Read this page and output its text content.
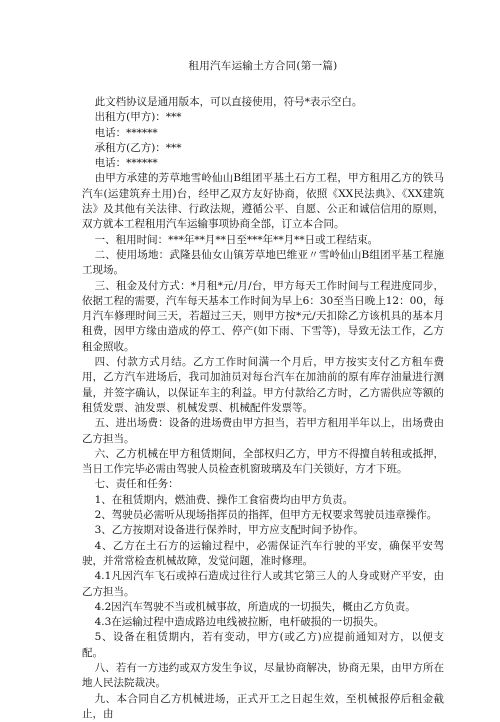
租用汽车运输土方合同(第一篇)

此文档协议是通用版本，可以直接使用，符号*表示空白。

出租方(甲方)：***

电话：******

承租方(乙方)：***

电话：******

由甲方承建的芳草地雪岭仙山B组团平基土石方工程，甲方租用乙方的铁马汽车(运建筑弃土用)台，经甲乙双方友好协商，依照《XX民法典》、《XX建筑法》及其他有关法律、行政法规，遵循公平、自愿、公正和诚信信用的原则，双方就本工程租用汽车运输事项协商全部，订立本合同。

一、租用时间：***年**月**日至***年**月**日或工程结束。

二、使用场地：武隆县仙女山镇芳草地巴维亚〃雪岭仙山B组团平基工程施工现场。

三、租金及付方式：*月租*元/月/台，甲方每天工作时间与工程进度同步，依据工程的需要，汽车每天基本工作时间为早上6：30至当日晚上12：00，每月汽车修理时间三天，若超过三天，则甲方按*元/天扣除乙方该机具的基本月租费，因甲方缘由造成的停工、停产(如下雨、下雪等)，导致无法工作，乙方租金照收。

四、付款方式月结。乙方工作时间满一个月后，甲方按实支付乙方租车费用，乙方汽车进场后，我司加油员对每台汽车在加油前的原有库存油量进行测量，并签字确认，以保证车主的利益。甲方付款给乙方时，乙方需供应等额的租赁发票、油发票、机械发票、机械配件发票等。

五、进出场费：设备的进场费由甲方担当，若甲方租用半年以上，出场费由乙方担当。

六、乙方机械在甲方租赁期间，全部权归乙方，甲方不得擅自转租或抵押，当日工作完毕必需由驾驶人员检查机窗玻璃及车门关锁好，方才下班。

七、责任和任务：

1、在租赁期内，燃油费、操作工食宿费均由甲方负责。

2、驾驶员必需听从现场指挥员的指挥，但甲方无权要求驾驶员违章操作。

3、乙方按期对设备进行保养时，甲方应支配时间予协作。

4、乙方在土石方的运输过程中，必需保证汽车行驶的平安，确保平安驾驶，并常常检查机械故障，发觉问题，准时修理。

4.1凡因汽车飞石或掉石造成过往行人或其它第三人的人身或财产平安，由乙方担当。

4.2因汽车驾驶不当或机械事故，所造成的一切损失，概由乙方负责。

4.3在运输过程中造成路边电线被拉断，电杆破损的一切损失。

5、设备在租赁期内，若有变动，甲方(或乙方)应提前通知对方，以便支配。

八、若有一方违约或双方发生争议，尽量协商解决，协商无果，由甲方所在地人民法院裁决。

九、本合同自乙方机械进场，正式开工之日起生效，至机械报停后租金截止，由
